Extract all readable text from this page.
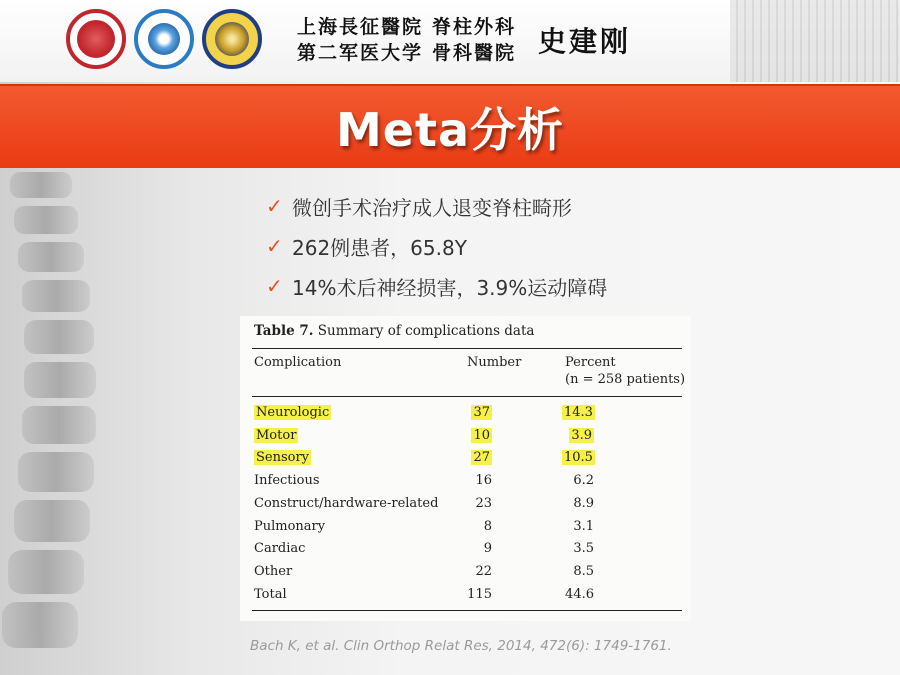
上海長征醫院
第二军医大学
脊柱外科
骨科醫院 史建刚
Meta分析
✓ 微创手术治疗成人退变脊柱畸形
✓ 262例患者，65.8Y
✓ 14%术后神经损害，3.9%运动障碍
Table 7. Summary of complications data
Complication	Number	Percent
(n = 258 patients)
Neurologic	37	14.3
Motor	10	3.9
Sensory	27	10.5
Infectious	16	6.2
Construct/hardware-related	23	8.9
Pulmonary	8	3.1
Cardiac	9	3.5
Other	22	8.5
Total	115	44.6
Bach K, et al. Clin Orthop Relat Res, 2014, 472(6): 1749-1761.
